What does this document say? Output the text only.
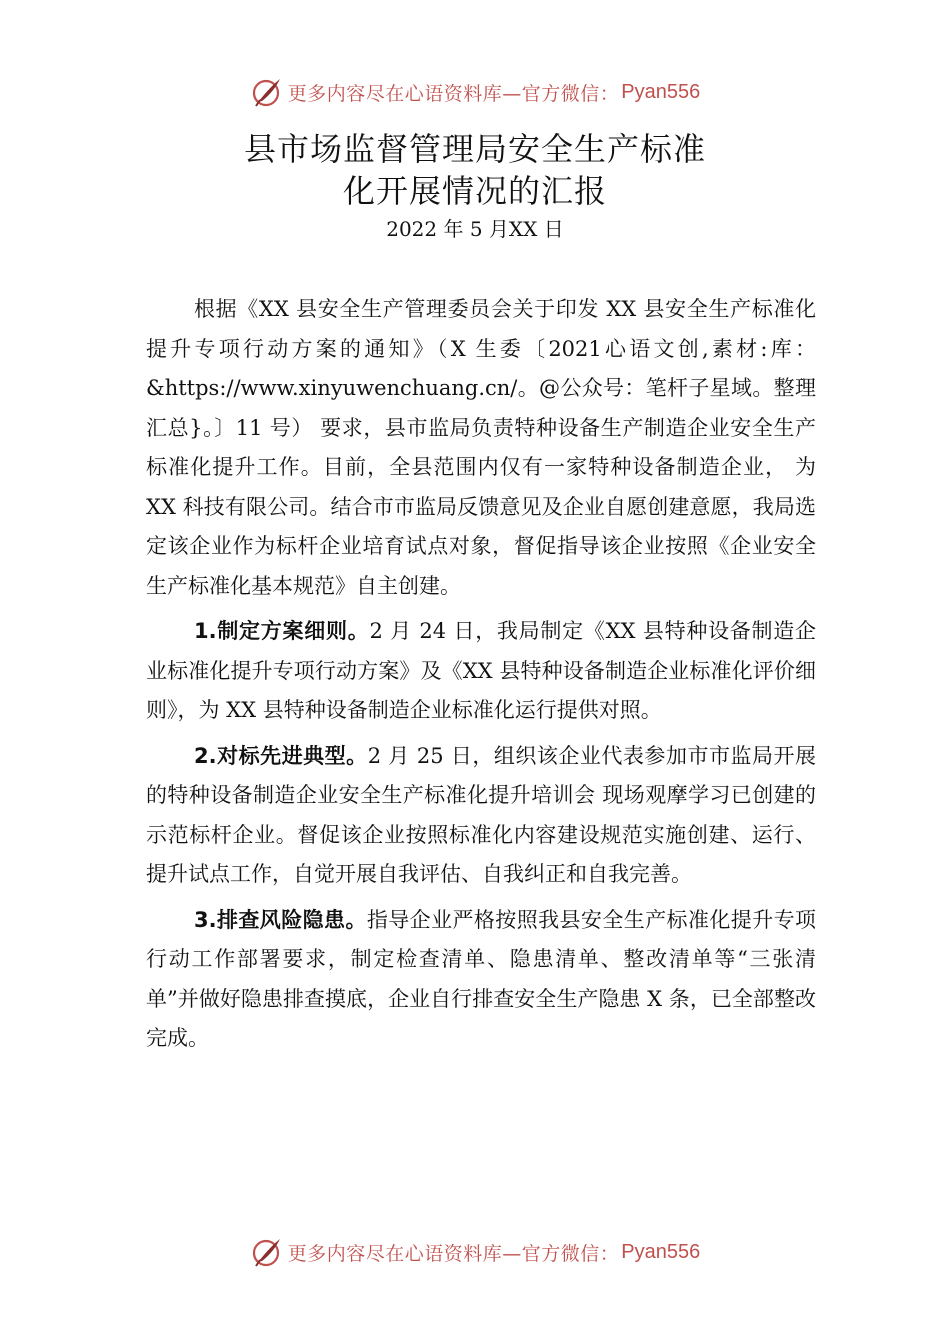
更多内容尽在心语资料库—官方微信： Pyan556
县市场监督管理局安全生产标准
化开展情况的汇报
2022 年 5 月XX 日

根据《XX 县安全生产管理委员会关于印发 XX 县安全生产标准化提升专项行动方案的通知》（X 生委〔2021心语文创,素材:库：&https://www.xinyuwenchuang.cn/。@公众号：笔杆子星域。整理汇总}。〕11 号） 要求，县市监局负责特种设备生产制造企业安全生产标准化提升工作。目前，全县范围内仅有一家特种设备制造企业， 为 XX 科技有限公司。结合市市监局反馈意见及企业自愿创建意愿，我局选定该企业作为标杆企业培育试点对象，督促指导该企业按照《企业安全生产标准化基本规范》自主创建。

1.制定方案细则。2 月 24 日，我局制定《XX 县特种设备制造企业标准化提升专项行动方案》及《XX 县特种设备制造企业标准化评价细则》，为 XX 县特种设备制造企业标准化运行提供对照。

2.对标先进典型。2 月 25 日，组织该企业代表参加市市监局开展的特种设备制造企业安全生产标准化提升培训会 现场观摩学习已创建的示范标杆企业。督促该企业按照标准化内容建设规范实施创建、运行、提升试点工作，自觉开展自我评估、自我纠正和自我完善。

3.排查风险隐患。指导企业严格按照我县安全生产标准化提升专项行动工作部署要求，制定检查清单、隐患清单、整改清单等“三张清单”并做好隐患排查摸底，企业自行排查安全生产隐患 X 条，已全部整改完成。

更多内容尽在心语资料库—官方微信： Pyan556
